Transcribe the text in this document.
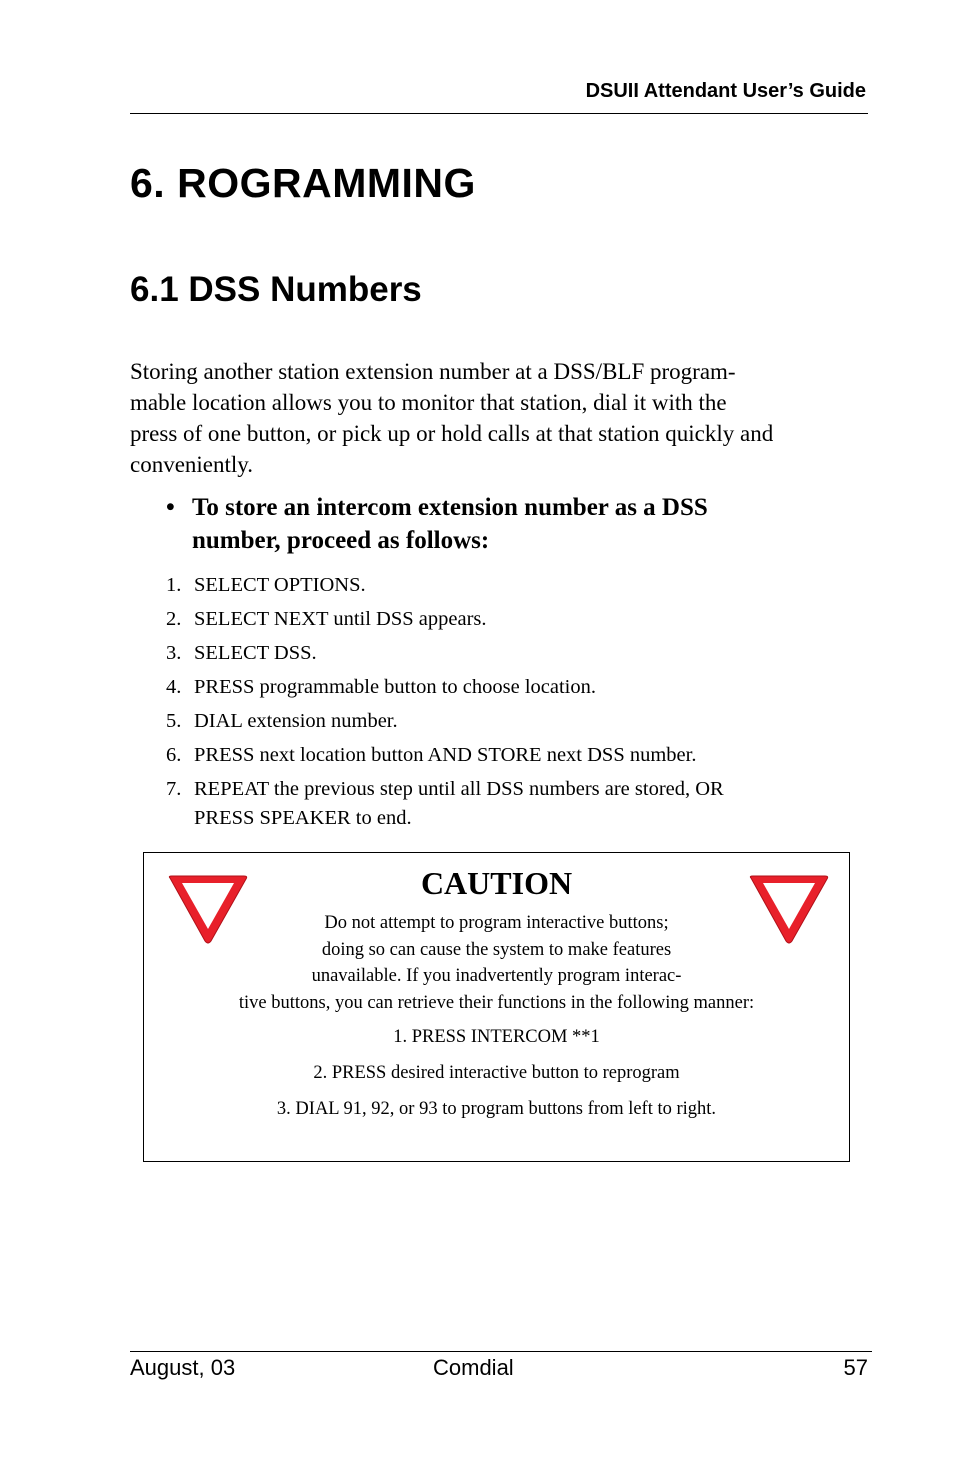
DSUII Attendant User’s Guide
6. ROGRAMMING
6.1 DSS Numbers

Storing another station extension number at a DSS/BLF program-
mable location allows you to monitor that station, dial it with the
press of one button, or pick up or hold calls at that station quickly and
conveniently.

• To store an intercom extension number as a DSS
number, proceed as follows:
1. SELECT OPTIONS.
2. SELECT NEXT until DSS appears.
3. SELECT DSS.
4. PRESS programmable button to choose location.
5. DIAL extension number.
6. PRESS next location button AND STORE next DSS number.
7. REPEAT the previous step until all DSS numbers are stored, OR
PRESS SPEAKER to end.
CAUTION
Do not attempt to program interactive buttons;
doing so can cause the system to make features
unavailable. If you inadvertently program interac-
tive buttons, you can retrieve their functions in the following manner:
1. PRESS INTERCOM **1
2. PRESS desired interactive button to reprogram
3. DIAL 91, 92, or 93 to program buttons from left to right.
August, 03	Comdial	57
